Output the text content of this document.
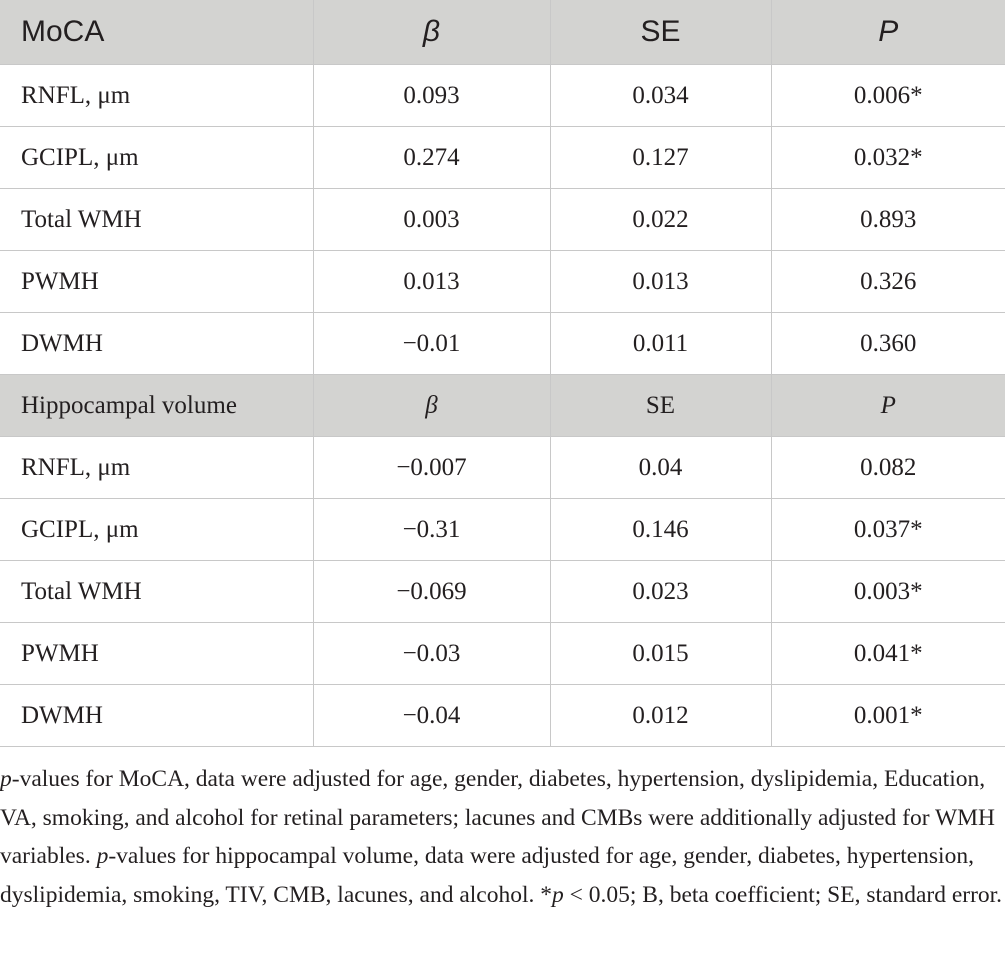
MoCA	β	SE	P
RNFL, μm	0.093	0.034	0.006*
GCIPL, μm	0.274	0.127	0.032*
Total WMH	0.003	0.022	0.893
PWMH	0.013	0.013	0.326
DWMH	−0.01	0.011	0.360
Hippocampal volume	β	SE	P
RNFL, μm	−0.007	0.04	0.082
GCIPL, μm	−0.31	0.146	0.037*
Total WMH	−0.069	0.023	0.003*
PWMH	−0.03	0.015	0.041*
DWMH	−0.04	0.012	0.001*

p-values for MoCA, data were adjusted for age, gender, diabetes, hypertension, dyslipidemia, Education, VA, smoking, and alcohol for retinal parameters; lacunes and CMBs were additionally adjusted for WMH variables. p-values for hippocampal volume, data were adjusted for age, gender, diabetes, hypertension, dyslipidemia, smoking, TIV, CMB, lacunes, and alcohol. *p < 0.05; B, beta coefficient; SE, standard error.
